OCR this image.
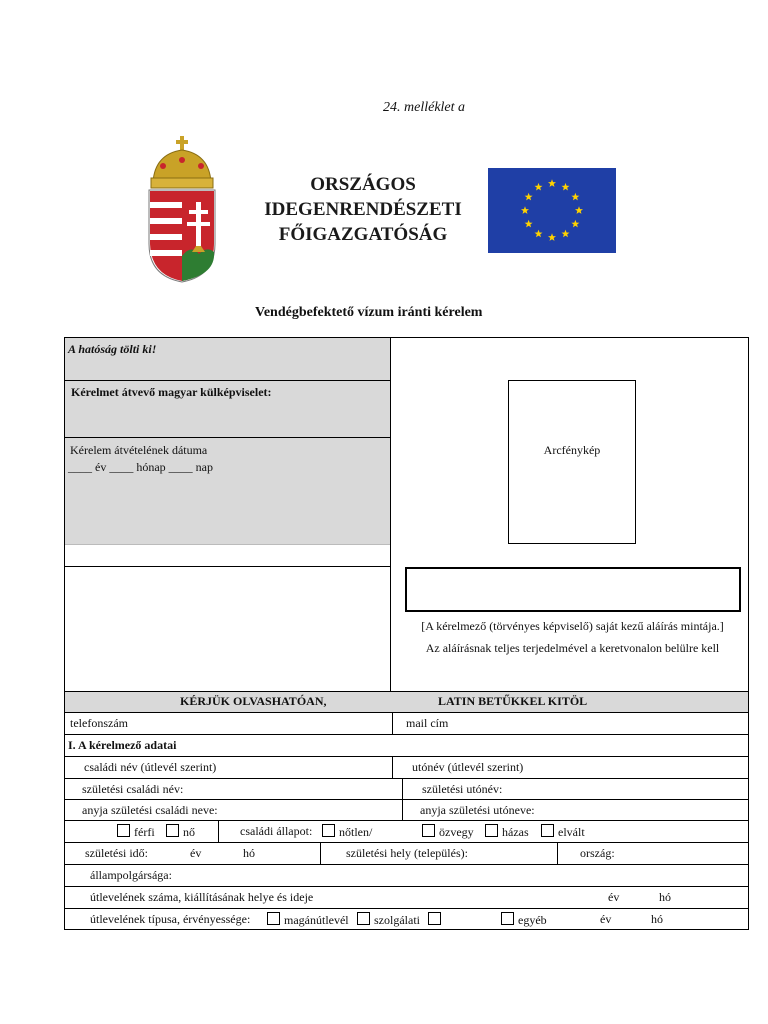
24. melléklet a
ORSZÁGOS
IDEGENRENDÉSZETI
FŐIGAZGATÓSÁG
Vendégbefektető vízum iránti kérelem
A hatóság tölti ki!
Kérelmet átvevő magyar külképviselet:
Kérelem átvételének dátuma
____ év ____ hónap ____ nap
Arcfénykép
[A kérelmező (törvényes képviselő) saját kezű aláírás mintája.]
Az aláírásnak teljes terjedelmével a keretvonalon belülre kell
KÉRJÜK OLVASHATÓAN,	LATIN BETŰKKEL KITÖL
telefonszám	mail cím
I. A kérelmező adatai
családi név (útlevél szerint)	utónév (útlevél szerint)
születési családi név:	születési utónév:
anyja születési családi neve:	anyja születési utóneve:
férfi	nő	családi állapot:	nőtlen/	özvegy	házas	elvált
születési idő:	év	hó	születési hely (település):	ország:
állampolgársága:
útlevelének száma, kiállításának helye és ideje	év	hó
útlevelének típusa, érvényessége:	magánútlevél	szolgálati	egyéb	év	hó
